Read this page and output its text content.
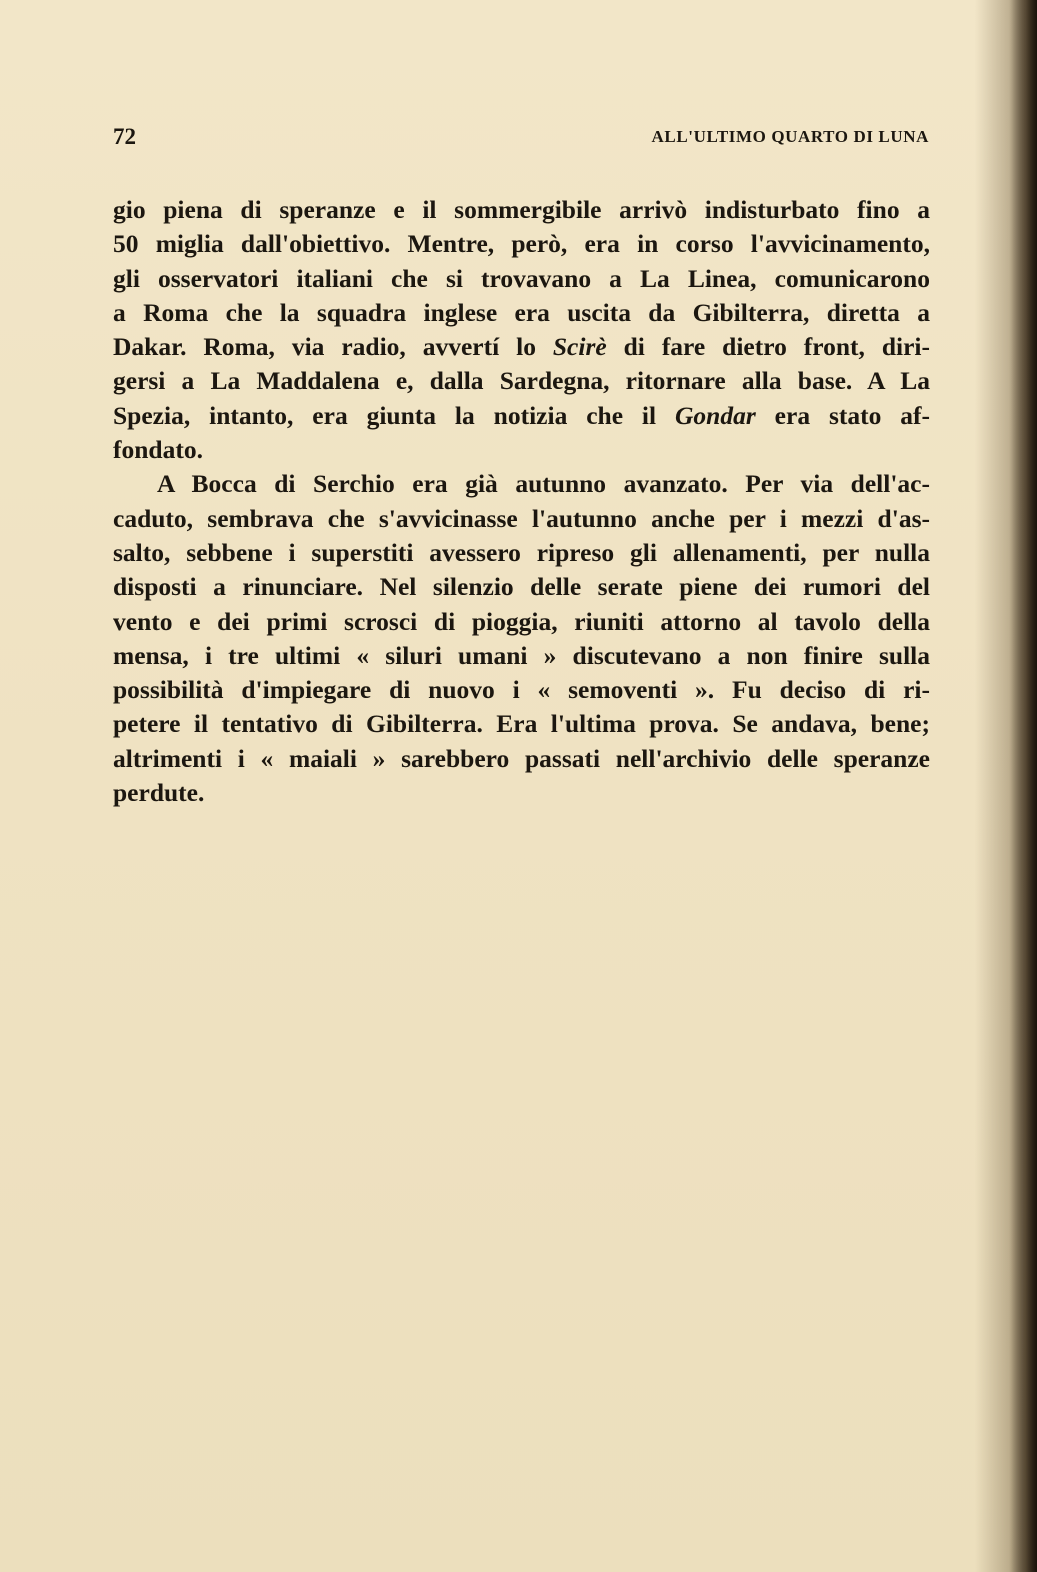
72	ALL'ULTIMO QUARTO DI LUNA
gio piena di speranze e il sommergibile arrivò indisturbato fino a
50 miglia dall'obiettivo. Mentre, però, era in corso l'avvicinamento,
gli osservatori italiani che si trovavano a La Linea, comunicarono
a Roma che la squadra inglese era uscita da Gibilterra, diretta a
Dakar. Roma, via radio, avvertí lo Scirè di fare dietro front, diri-
gersi a La Maddalena e, dalla Sardegna, ritornare alla base. A La
Spezia, intanto, era giunta la notizia che il Gondar era stato af-
fondato.
A Bocca di Serchio era già autunno avanzato. Per via dell'ac-
caduto, sembrava che s'avvicinasse l'autunno anche per i mezzi d'as-
salto, sebbene i superstiti avessero ripreso gli allenamenti, per nulla
disposti a rinunciare. Nel silenzio delle serate piene dei rumori del
vento e dei primi scrosci di pioggia, riuniti attorno al tavolo della
mensa, i tre ultimi « siluri umani » discutevano a non finire sulla
possibilità d'impiegare di nuovo i « semoventi ». Fu deciso di ri-
petere il tentativo di Gibilterra. Era l'ultima prova. Se andava, bene;
altrimenti i « maiali » sarebbero passati nell'archivio delle speranze
perdute.
